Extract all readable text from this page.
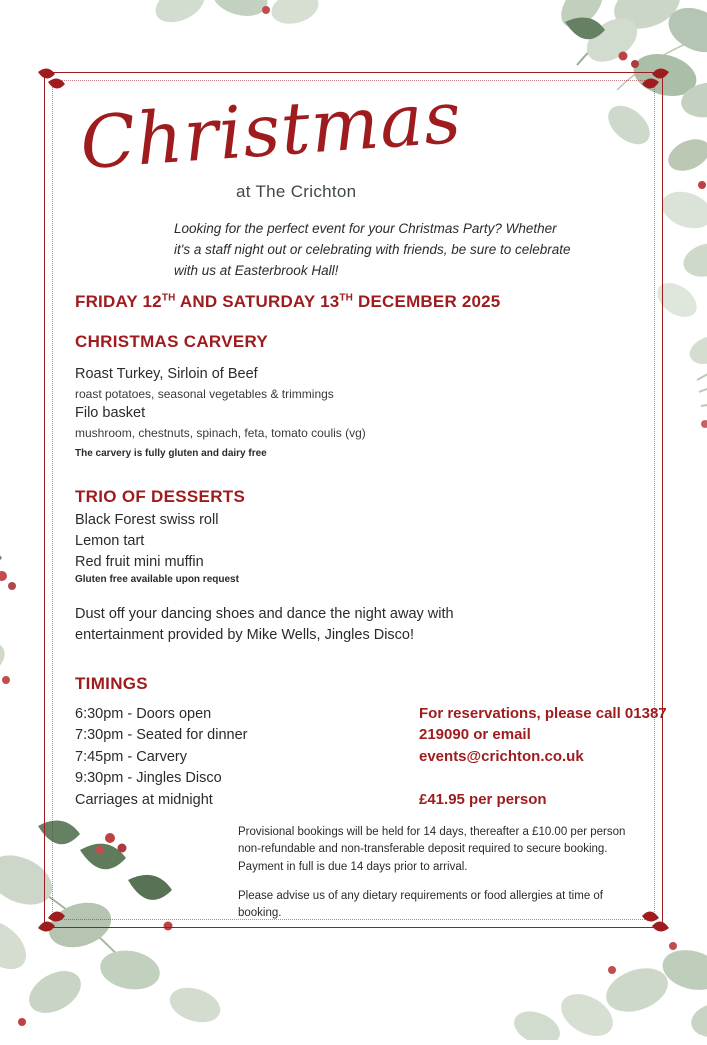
Christmas
at The Crichton
Looking for the perfect event for your Christmas Party? Whether it's a staff night out or celebrating with friends, be sure to celebrate with us at Easterbrook Hall!
FRIDAY 12TH AND SATURDAY 13TH DECEMBER 2025
CHRISTMAS CARVERY
Roast Turkey, Sirloin of Beef
roast potatoes, seasonal vegetables & trimmings
Filo basket
mushroom, chestnuts, spinach, feta, tomato coulis (vg)
The carvery is fully gluten and dairy free
TRIO OF DESSERTS
Black Forest swiss roll
Lemon tart
Red fruit mini muffin
Gluten free available upon request
Dust off your dancing shoes and dance the night away with entertainment provided by Mike Wells, Jingles Disco!
TIMINGS
6:30pm - Doors open
7:30pm - Seated for dinner
7:45pm - Carvery
9:30pm - Jingles Disco
Carriages at midnight
For reservations, please call 01387 219090 or email events@crichton.co.uk
£41.95 per person

Provisional bookings will be held for 14 days, thereafter a £10.00 per person non-refundable and non-transferable deposit required to secure booking. Payment in full is due 14 days prior to arrival.

Please advise us of any dietary requirements or food allergies at time of booking.
